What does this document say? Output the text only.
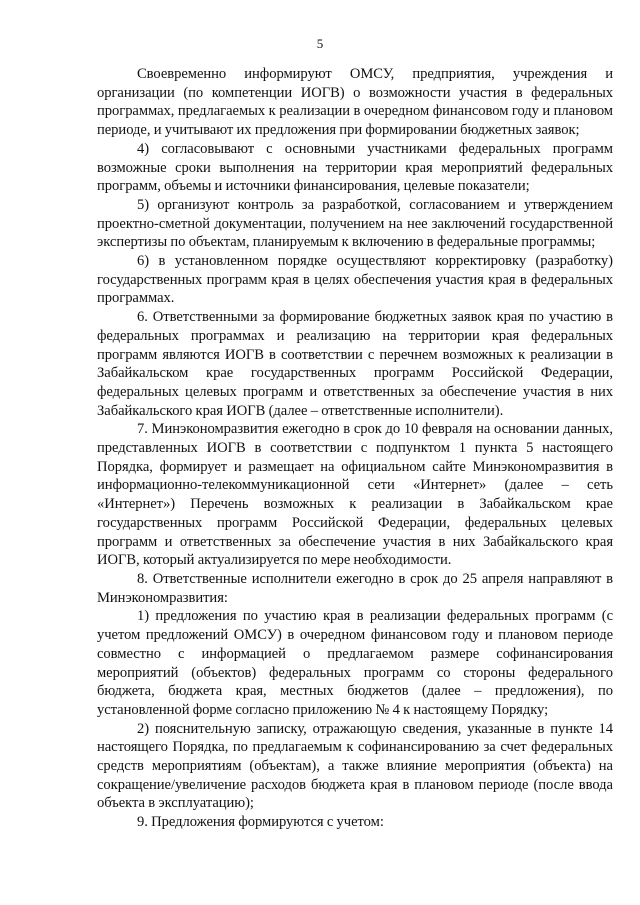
5

Своевременно информируют ОМСУ, предприятия, учреждения и организации (по компетенции ИОГВ) о возможности участия в федеральных программах, предлагаемых к реализации в очередном финансовом году и плановом периоде, и учитывают их предложения при формировании бюджетных заявок;

4) согласовывают с основными участниками федеральных программ возможные сроки выполнения на территории края мероприятий федеральных программ, объемы и источники финансирования, целевые показатели;

5) организуют контроль за разработкой, согласованием и утверждением проектно-сметной документации, получением на нее заключений государственной экспертизы по объектам, планируемым к включению в федеральные программы;

6) в установленном порядке осуществляют корректировку (разработку) государственных программ края в целях обеспечения участия края в федеральных программах.

6. Ответственными за формирование бюджетных заявок края по участию в федеральных программах и реализацию на территории края федеральных программ являются ИОГВ в соответствии с перечнем возможных к реализации в Забайкальском крае государственных программ Российской Федерации, федеральных целевых программ и ответственных за обеспечение участия в них Забайкальского края ИОГВ (далее – ответственные исполнители).

7. Минэкономразвития ежегодно в срок до 10 февраля на основании данных, представленных ИОГВ в соответствии с подпунктом 1 пункта 5 настоящего Порядка, формирует и размещает на официальном сайте Минэкономразвития в информационно-телекоммуникационной сети «Интернет» (далее – сеть «Интернет») Перечень возможных к реализации в Забайкальском крае государственных программ Российской Федерации, федеральных целевых программ и ответственных за обеспечение участия в них Забайкальского края ИОГВ, который актуализируется по мере необходимости.

8. Ответственные исполнители ежегодно в срок до 25 апреля направляют в Минэкономразвития:

1) предложения по участию края в реализации федеральных программ (с учетом предложений ОМСУ) в очередном финансовом году и плановом периоде совместно с информацией о предлагаемом размере софинансирования мероприятий (объектов) федеральных программ со стороны федерального бюджета, бюджета края, местных бюджетов (далее – предложения), по установленной форме согласно приложению № 4 к настоящему Порядку;

2) пояснительную записку, отражающую сведения, указанные в пункте 14 настоящего Порядка, по предлагаемым к софинансированию за счет федеральных средств мероприятиям (объектам), а также влияние мероприятия (объекта) на сокращение/увеличение расходов бюджета края в плановом периоде (после ввода объекта в эксплуатацию);

9. Предложения формируются с учетом:
